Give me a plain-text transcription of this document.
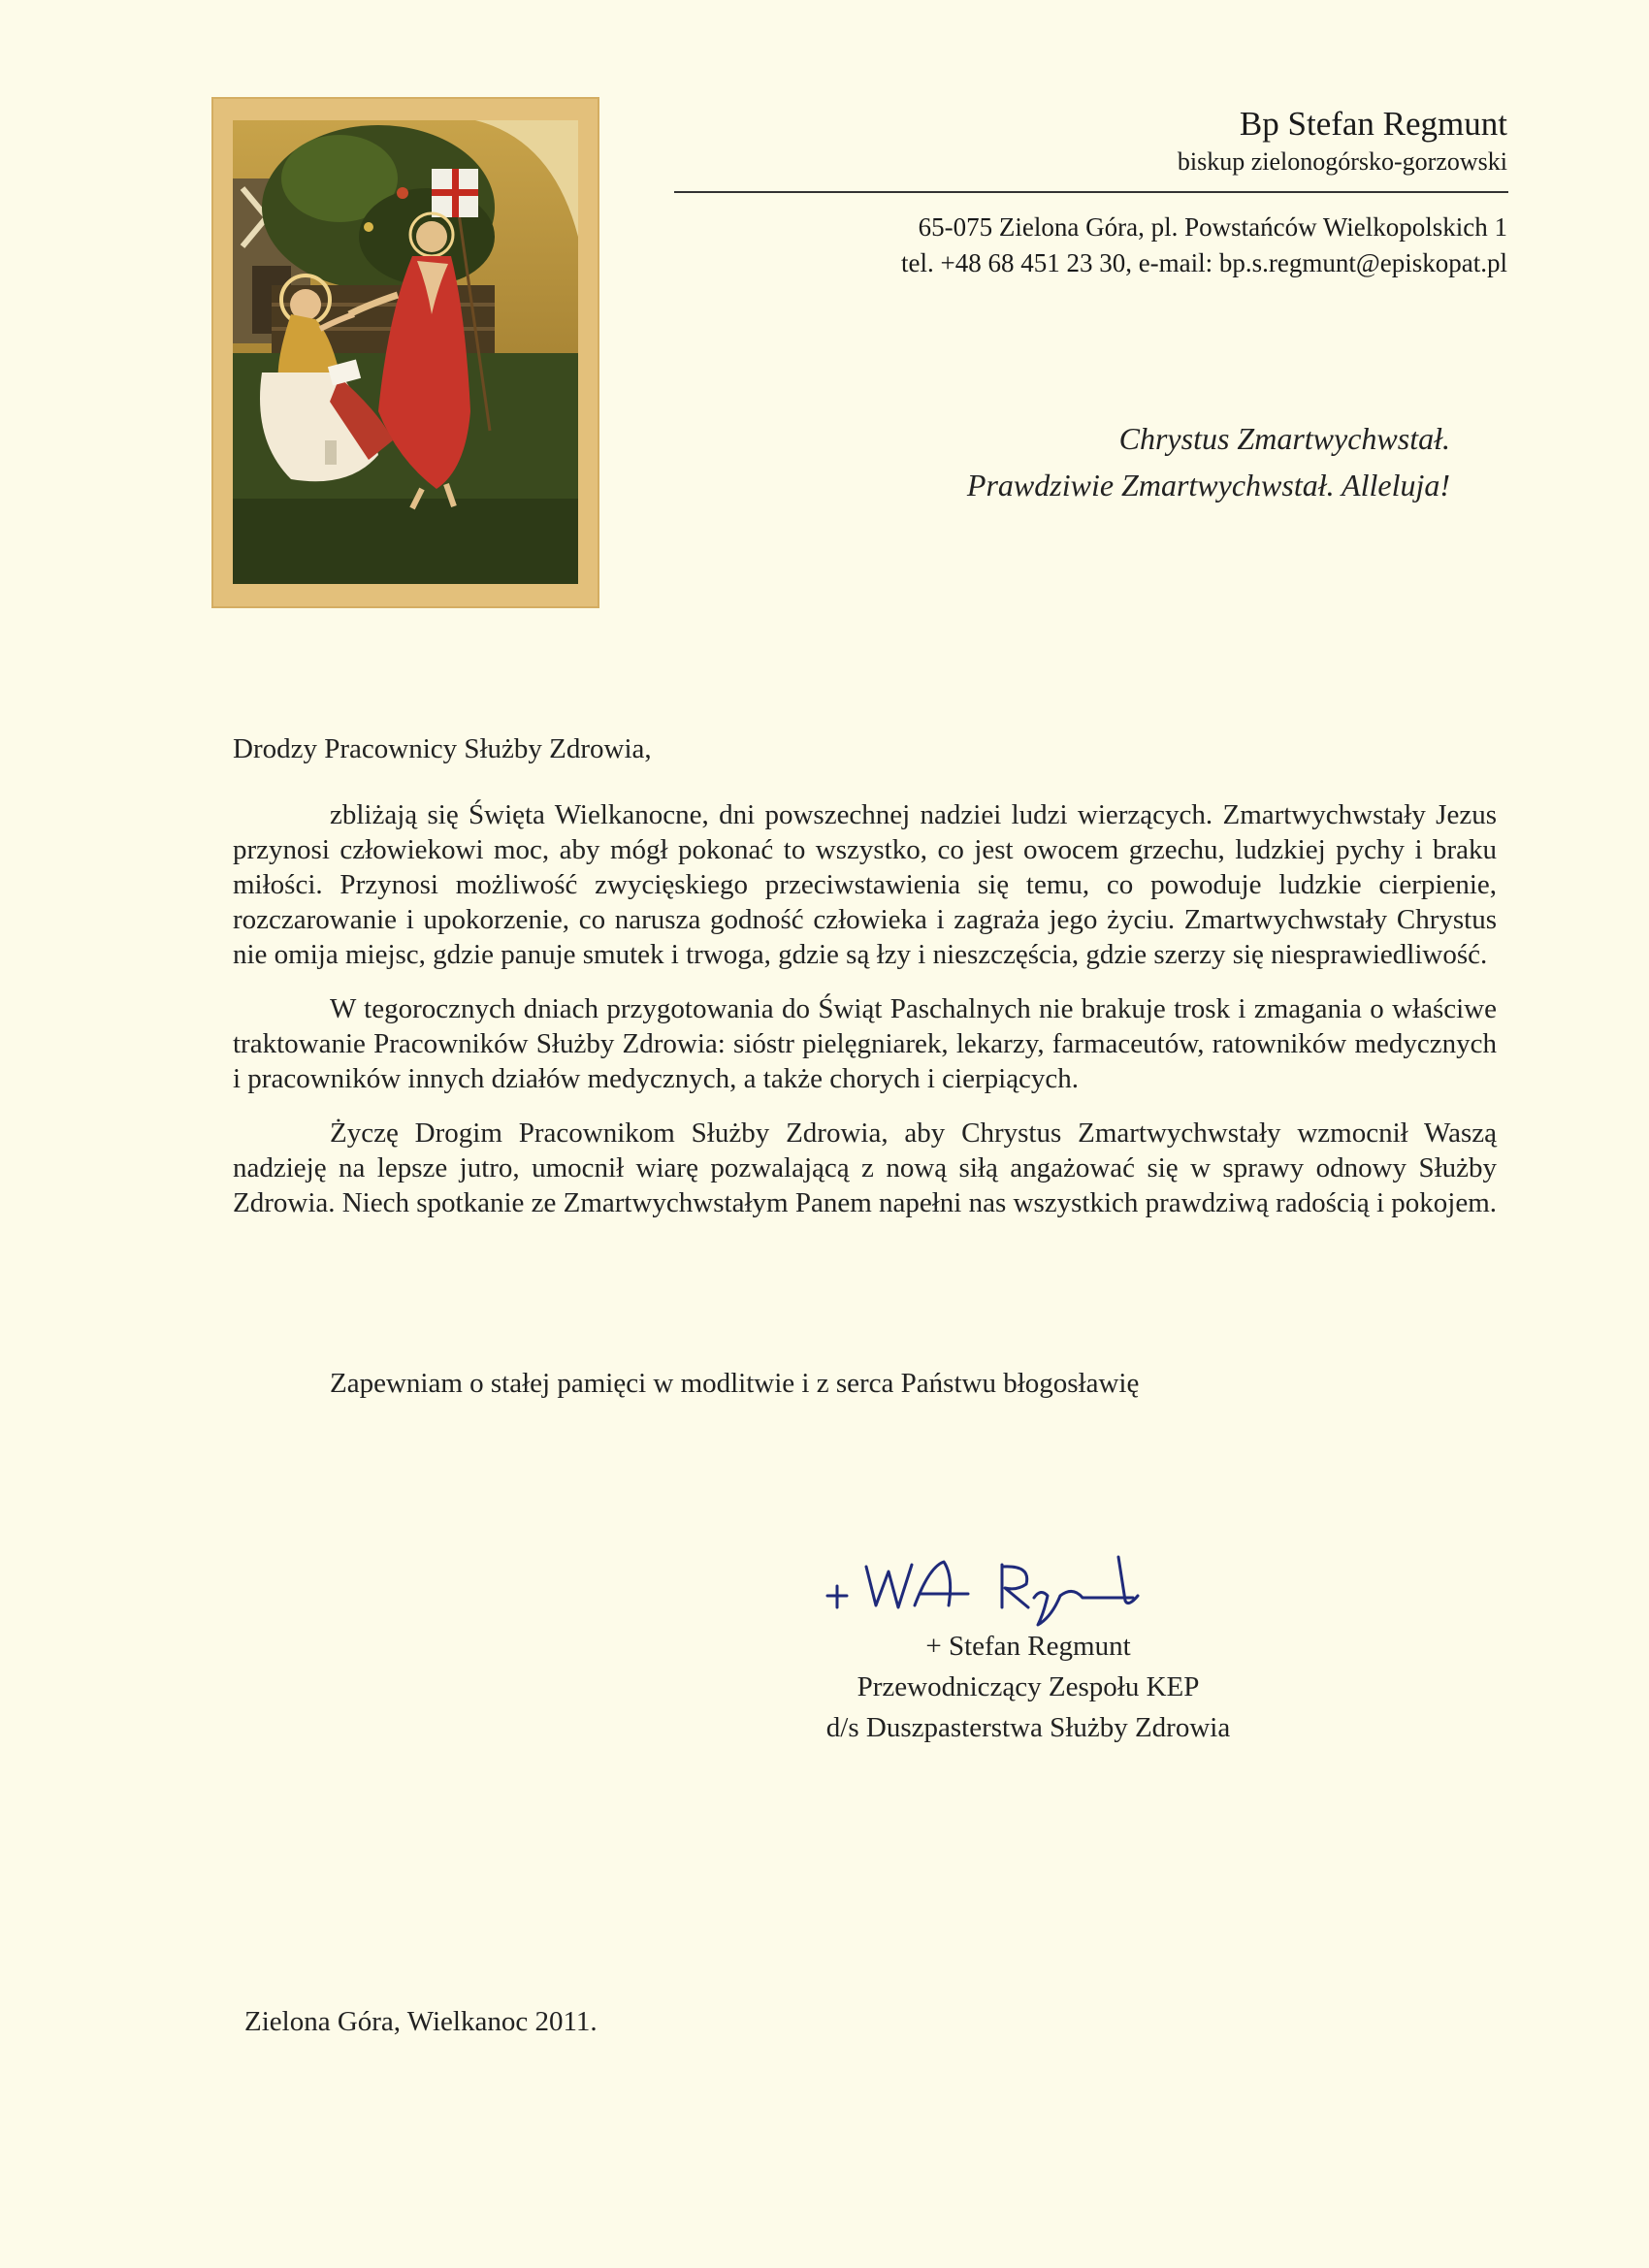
Bp Stefan Regmunt
biskup zielonogórsko-gorzowski
65-075 Zielona Góra, pl. Powstańców Wielkopolskich 1
tel. +48 68 451 23 30, e-mail: bp.s.regmunt@episkopat.pl
Chrystus Zmartwychwstał.
Prawdziwie Zmartwychwstał. Alleluja!
Drodzy Pracownicy Służby Zdrowia,

zbliżają się Święta Wielkanocne, dni powszechnej nadziei ludzi wierzących. Zmartwychwstały Jezus przynosi człowiekowi moc, aby mógł pokonać to wszystko, co jest owocem grzechu, ludzkiej pychy i braku miłości. Przynosi możliwość zwycięskiego przeciwstawienia się temu, co powoduje ludzkie cierpienie, rozczarowanie i upokorzenie, co narusza godność człowieka i zagraża jego życiu. Zmartwychwstały Chrystus nie omija miejsc, gdzie panuje smutek i trwoga, gdzie są łzy i nieszczęścia, gdzie szerzy się niesprawiedliwość.

W tegorocznych dniach przygotowania do Świąt Paschalnych nie brakuje trosk i zmagania o właściwe traktowanie Pracowników Służby Zdrowia: sióstr pielęgniarek, lekarzy, farmaceutów, ratowników medycznych i pracowników innych działów medycznych, a także chorych i cierpiących.

Życzę Drogim Pracownikom Służby Zdrowia, aby Chrystus Zmartwychwstały wzmocnił Waszą nadzieję na lepsze jutro, umocnił wiarę pozwalającą z nową siłą angażować się w sprawy odnowy Służby Zdrowia. Niech spotkanie ze Zmartwychwstałym Panem napełni nas wszystkich prawdziwą radością i pokojem.

Zapewniam o stałej pamięci w modlitwie i z serca Państwu błogosławię
+ Stefan Regmunt
Przewodniczący Zespołu KEP
d/s Duszpasterstwa Służby Zdrowia
Zielona Góra, Wielkanoc 2011.
